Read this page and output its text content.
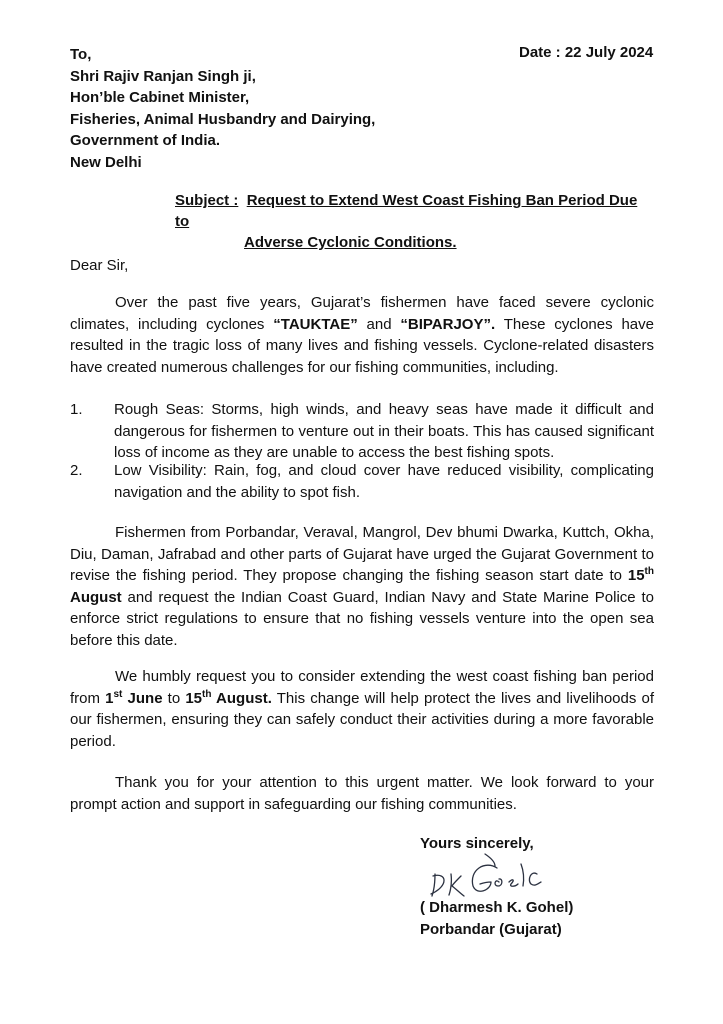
To,
Shri Rajiv Ranjan Singh ji,
Hon’ble Cabinet Minister,
Fisheries, Animal Husbandry and Dairying,
Government of India.
New Delhi
Date : 22 July 2024
Subject : Request to Extend West Coast Fishing Ban Period Due to
Adverse Cyclonic Conditions.
Dear Sir,
Over the past five years, Gujarat’s fishermen have faced severe cyclonic climates, including cyclones “TAUKTAE” and “BIPARJOY”. These cyclones have resulted in the tragic loss of many lives and fishing vessels. Cyclone-related disasters have created numerous challenges for our fishing communities, including.
1. Rough Seas: Storms, high winds, and heavy seas have made it difficult and dangerous for fishermen to venture out in their boats. This has caused significant loss of income as they are unable to access the best fishing spots.
2. Low Visibility: Rain, fog, and cloud cover have reduced visibility, complicating navigation and the ability to spot fish.
Fishermen from Porbandar, Veraval, Mangrol, Dev bhumi Dwarka, Kuttch, Okha, Diu, Daman, Jafrabad and other parts of Gujarat have urged the Gujarat Government to revise the fishing period. They propose changing the fishing season start date to 15th August and request the Indian Coast Guard, Indian Navy and State Marine Police to enforce strict regulations to ensure that no fishing vessels venture into the open sea before this date.
We humbly request you to consider extending the west coast fishing ban period from 1st June to 15th August. This change will help protect the lives and livelihoods of our fishermen, ensuring they can safely conduct their activities during a more favorable period.
Thank you for your attention to this urgent matter. We look forward to your prompt action and support in safeguarding our fishing communities.
Yours sincerely,
( Dharmesh K. Gohel)
Porbandar (Gujarat)
